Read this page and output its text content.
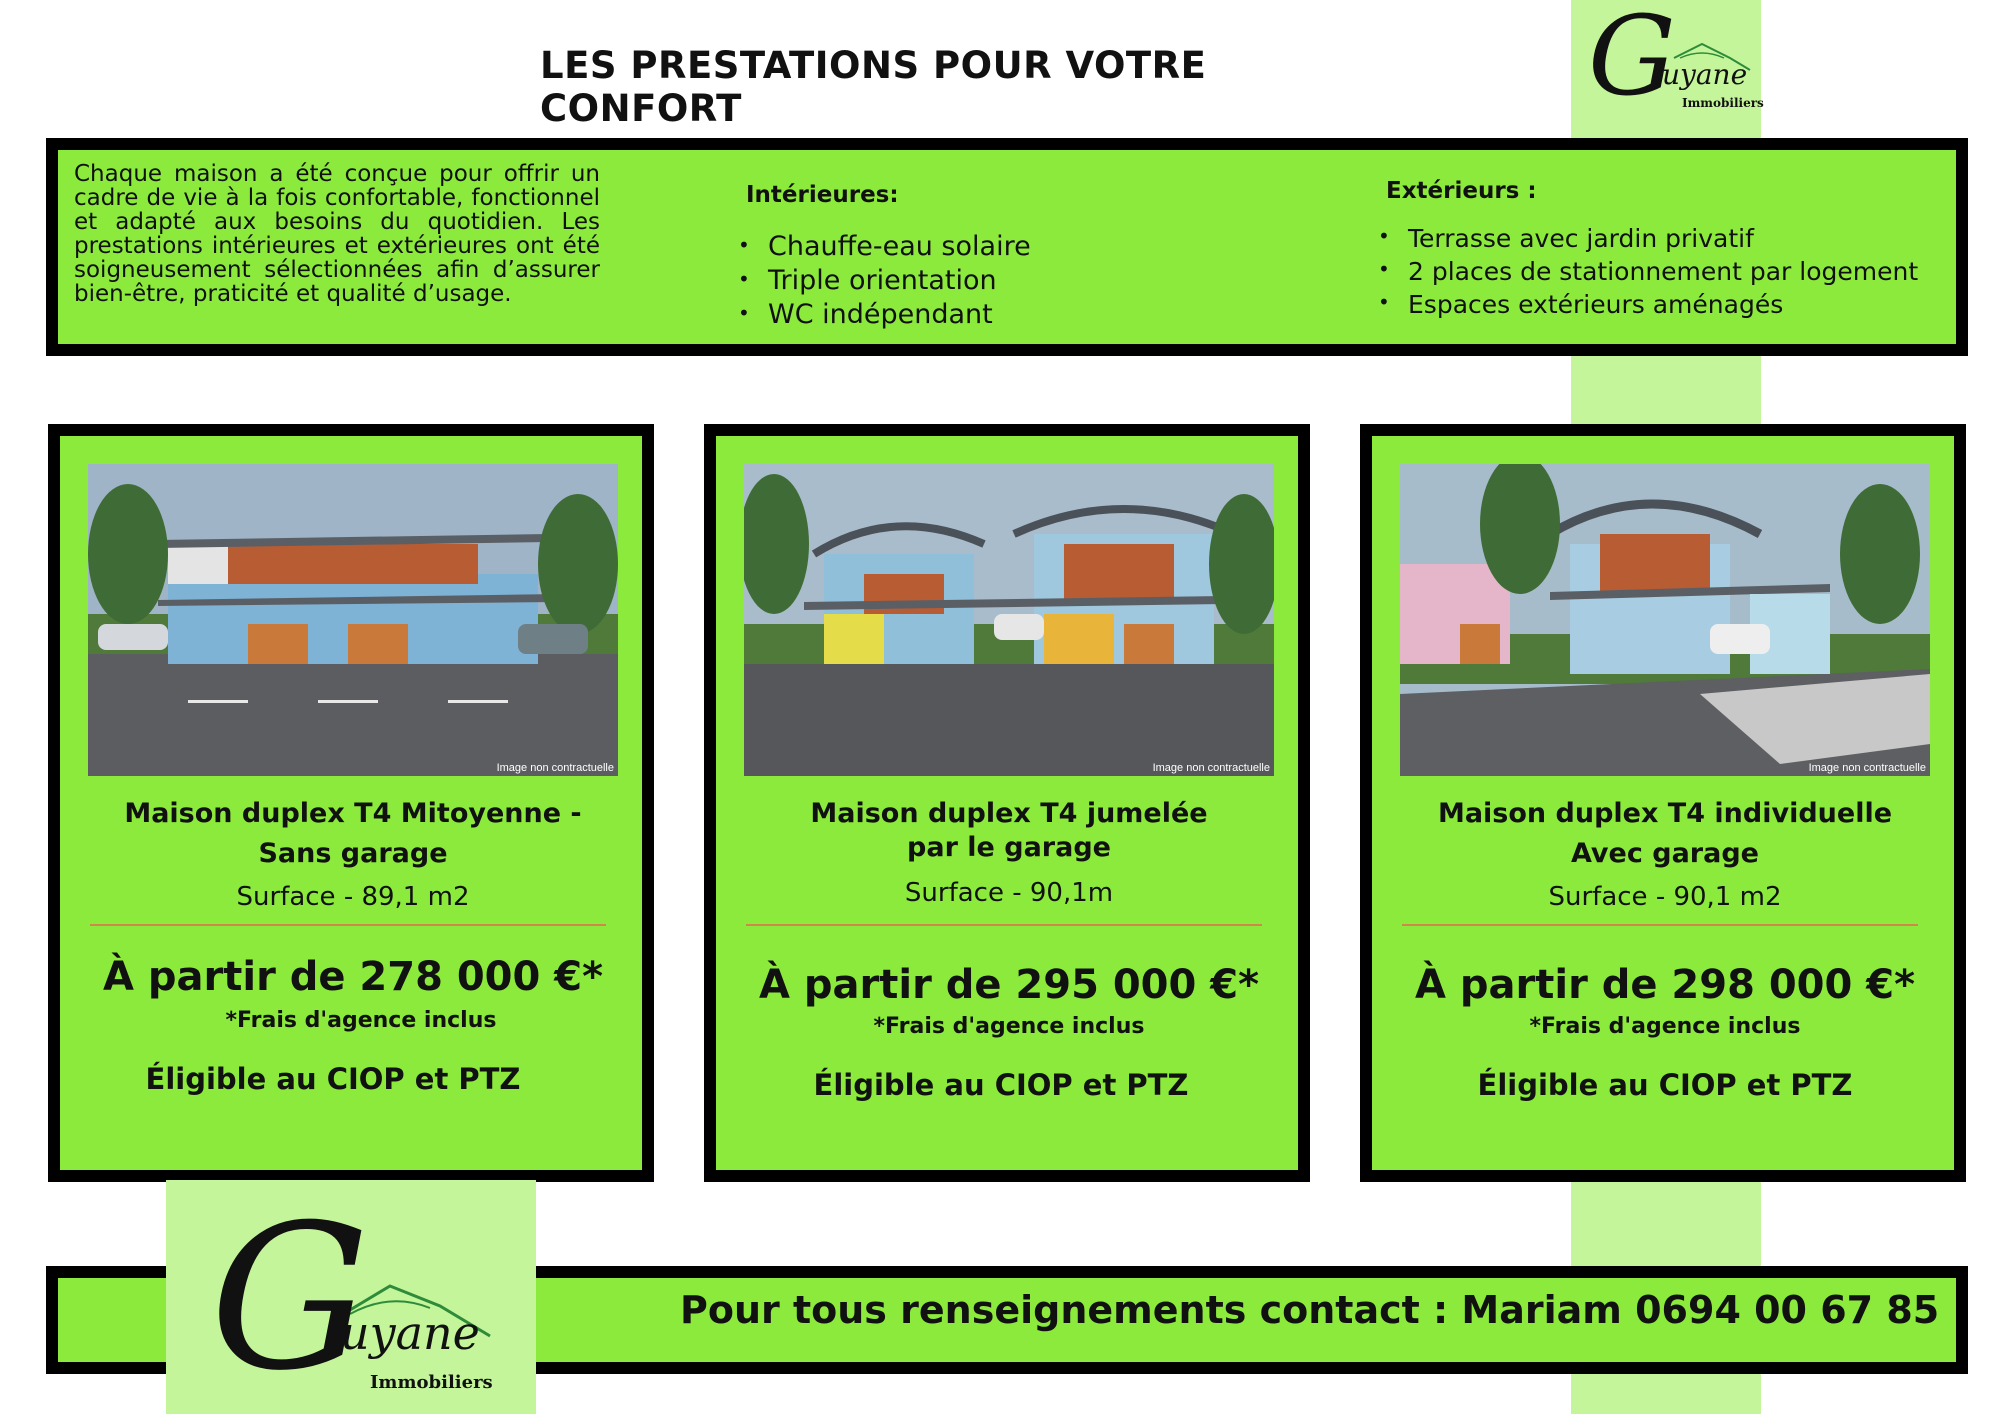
LES PRESTATIONS POUR VOTRE CONFORT	G
uyane
Immobiliers

Chaque maison a été conçue pour offrir un cadre de vie à la fois confortable, fonctionnel et adapté aux besoins du quotidien. Les prestations intérieures et extérieures ont été soigneusement sélectionnées afin d’assurer bien-être, praticité et qualité d’usage.

Intérieures:

• Chauffe-eau solaire
• Triple orientation
• WC indépendant

Extérieurs :

• Terrasse avec jardin privatif
• 2 places de stationnement par logement
• Espaces extérieurs aménagés
Image non contractuelle

Maison duplex T4 Mitoyenne -

Sans garage

Surface - 89,1 m2

À partir de 278 000 €*

*Frais d'agence inclus

Éligible au CIOP et PTZ

Image non contractuelle

Maison duplex T4 jumelée

par le garage

Surface - 90,1m

À partir de 295 000 €*

*Frais d'agence inclus

Éligible au CIOP et PTZ

Image non contractuelle

Maison duplex T4 individuelle

Avec garage

Surface - 90,1 m2

À partir de 298 000 €*

*Frais d'agence inclus

Éligible au CIOP et PTZ

Pour tous renseignements contact : Mariam 0694 00 67 85

G
uyane
Immobiliers
